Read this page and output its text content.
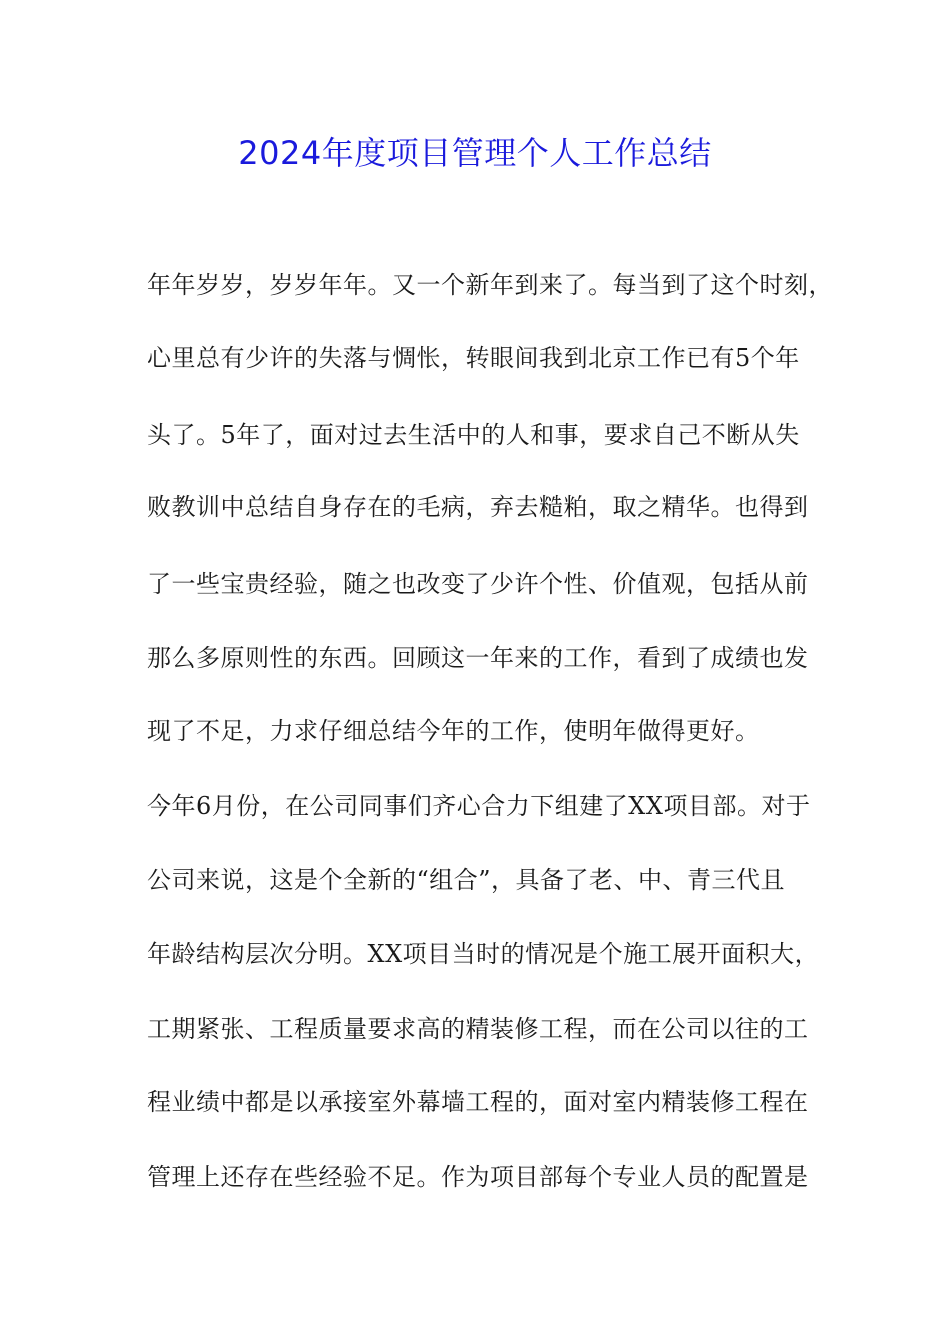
2024年度项目管理个人工作总结
年年岁岁，岁岁年年。又一个新年到来了。每当到了这个时刻，
心里总有少许的失落与惆怅，转眼间我到北京工作已有5个年
头了。5年了，面对过去生活中的人和事，要求自己不断从失
败教训中总结自身存在的毛病，弃去糙粕，取之精华。也得到
了一些宝贵经验，随之也改变了少许个性、价值观，包括从前
那么多原则性的东西。回顾这一年来的工作，看到了成绩也发
现了不足，力求仔细总结今年的工作，使明年做得更好。
今年6月份，在公司同事们齐心合力下组建了XX项目部。对于
公司来说，这是个全新的“组合”，具备了老、中、青三代且
年龄结构层次分明。XX项目当时的情况是个施工展开面积大，
工期紧张、工程质量要求高的精装修工程，而在公司以往的工
程业绩中都是以承接室外幕墙工程的，面对室内精装修工程在
管理上还存在些经验不足。作为项目部每个专业人员的配置是
